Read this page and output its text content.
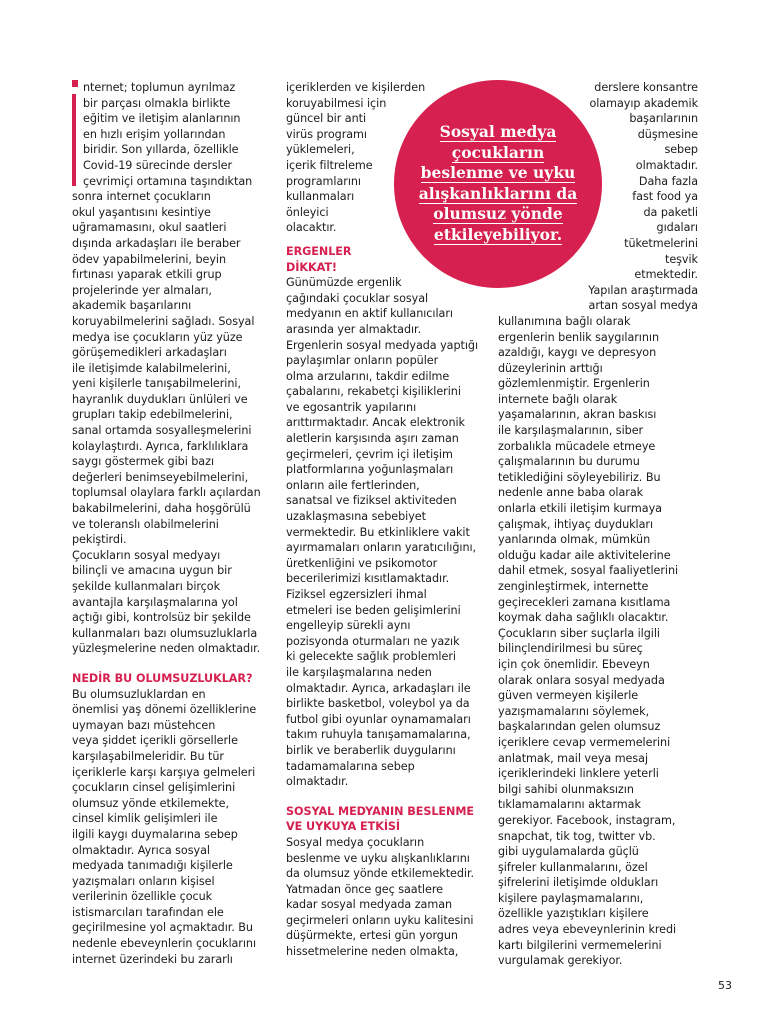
nternet; toplumun ayrılmaz
bir parçası olmakla birlikte
eğitim ve iletişim alanlarının
en hızlı erişim yollarından
biridir. Son yıllarda, özellikle
Covid-19 sürecinde dersler
çevrimiçi ortamına taşındıktan
sonra internet çocukların
okul yaşantısını kesintiye
uğramamasını, okul saatleri
dışında arkadaşları ile beraber
ödev yapabilmelerini, beyin
fırtınası yaparak etkili grup
projelerinde yer almaları,
akademik başarılarını
koruyabilmelerini sağladı. Sosyal
medya ise çocukların yüz yüze
görüşemedikleri arkadaşları
ile iletişimde kalabilmelerini,
yeni kişilerle tanışabilmelerini,
hayranlık duydukları ünlüleri ve
grupları takip edebilmelerini,
sanal ortamda sosyalleşmelerini
kolaylaştırdı. Ayrıca, farklılıklara
saygı göstermek gibi bazı
değerleri benimseyebilmelerini,
toplumsal olaylara farklı açılardan
bakabilmelerini, daha hoşgörülü
ve toleranslı olabilmelerini
pekiştirdi.
Çocukların sosyal medyayı
bilinçli ve amacına uygun bir
şekilde kullanmaları birçok
avantajla karşılaşmalarına yol
açtığı gibi, kontrolsüz bir şekilde
kullanmaları bazı olumsuzluklarla
yüzleşmelerine neden olmaktadır.
NEDİR BU OLUMSUZLUKLAR?
Bu olumsuzluklardan en
önemlisi yaş dönemi özelliklerine
uymayan bazı müstehcen
veya şiddet içerikli görsellerle
karşılaşabilmeleridir. Bu tür
içeriklerle karşı karşıya gelmeleri
çocukların cinsel gelişimlerini
olumsuz yönde etkilemekte,
cinsel kimlik gelişimleri ile
ilgili kaygı duymalarına sebep
olmaktadır. Ayrıca sosyal
medyada tanımadığı kişilerle
yazışmaları onların kişisel
verilerinin özellikle çocuk
istismarcıları tarafından ele
geçirilmesine yol açmaktadır. Bu
nedenle ebeveynlerin çocuklarını
internet üzerindeki bu zararlı
içeriklerden ve kişilerden
koruyabilmesi için
güncel bir anti
virüs programı
yüklemeleri,
içerik filtreleme
programlarını
kullanmaları
önleyici
olacaktır.
ERGENLER
DİKKAT!
Günümüzde ergenlik
çağındaki çocuklar sosyal
medyanın en aktif kullanıcıları
arasında yer almaktadır.
Ergenlerin sosyal medyada yaptığı
paylaşımlar onların popüler
olma arzularını, takdir edilme
çabalarını, rekabetçi kişiliklerini
ve egosantrik yapılarını
arıttırmaktadır. Ancak elektronik
aletlerin karşısında aşırı zaman
geçirmeleri, çevrim içi iletişim
platformlarına yoğunlaşmaları
onların aile fertlerinden,
sanatsal ve fiziksel aktiviteden
uzaklaşmasına sebebiyet
vermektedir. Bu etkinliklere vakit
ayırmamaları onların yaratıcılığını,
üretkenliğini ve psikomotor
becerilerimizi kısıtlamaktadır.
Fiziksel egzersizleri ihmal
etmeleri ise beden gelişimlerini
engelleyip sürekli aynı
pozisyonda oturmaları ne yazık
ki gelecekte sağlık problemleri
ile karşılaşmalarına neden
olmaktadır. Ayrıca, arkadaşları ile
birlikte basketbol, voleybol ya da
futbol gibi oyunlar oynamamaları
takım ruhuyla tanışamamalarına,
birlik ve beraberlik duygularını
tadamamalarına sebep
olmaktadır.
SOSYAL MEDYANIN BESLENME
VE UYKUYA ETKİSİ
Sosyal medya çocukların
beslenme ve uyku alışkanlıklarını
da olumsuz yönde etkilemektedir.
Yatmadan önce geç saatlere
kadar sosyal medyada zaman
geçirmeleri onların uyku kalitesini
düşürmekte, ertesi gün yorgun
hissetmelerine neden olmakta,
derslere konsantre
olamayıp akademik
başarılarının
düşmesine
sebep
olmaktadır.
Daha fazla
fast food ya
da paketli
gıdaları
tüketmelerini
teşvik
etmektedir.
Yapılan araştırmada
artan sosyal medya
kullanımına bağlı olarak
ergenlerin benlik saygılarının
azaldığı, kaygı ve depresyon
düzeylerinin arttığı
gözlemlenmiştir. Ergenlerin
internete bağlı olarak
yaşamalarının, akran baskısı
ile karşılaşmalarının, siber
zorbalıkla mücadele etmeye
çalışmalarının bu durumu
tetiklediğini söyleyebiliriz. Bu
nedenle anne baba olarak
onlarla etkili iletişim kurmaya
çalışmak, ihtiyaç duydukları
yanlarında olmak, mümkün
olduğu kadar aile aktivitelerine
dahil etmek, sosyal faaliyetlerini
zenginleştirmek, internette
geçirecekleri zamana kısıtlama
koymak daha sağlıklı olacaktır.
Çocukların siber suçlarla ilgili
bilinçlendirilmesi bu süreç
için çok önemlidir. Ebeveyn
olarak onlara sosyal medyada
güven vermeyen kişilerle
yazışmamalarını söylemek,
başkalarından gelen olumsuz
içeriklere cevap vermemelerini
anlatmak, mail veya mesaj
içeriklerindeki linklere yeterli
bilgi sahibi olunmaksızın
tıklamamalarını aktarmak
gerekiyor. Facebook, instagram,
snapchat, tik tog, twitter vb.
gibi uygulamalarda güçlü
şifreler kullanmalarını, özel
şifrelerini iletişimde oldukları
kişilere paylaşmamalarını,
özellikle yazıştıkları kişilere
adres veya ebeveynlerinin kredi
kartı bilgilerini vermemelerini
vurgulamak gerekiyor.
Sosyal medya
çocukların
beslenme ve uyku
alışkanlıklarını da
olumsuz yönde
etkileyebiliyor.
53
